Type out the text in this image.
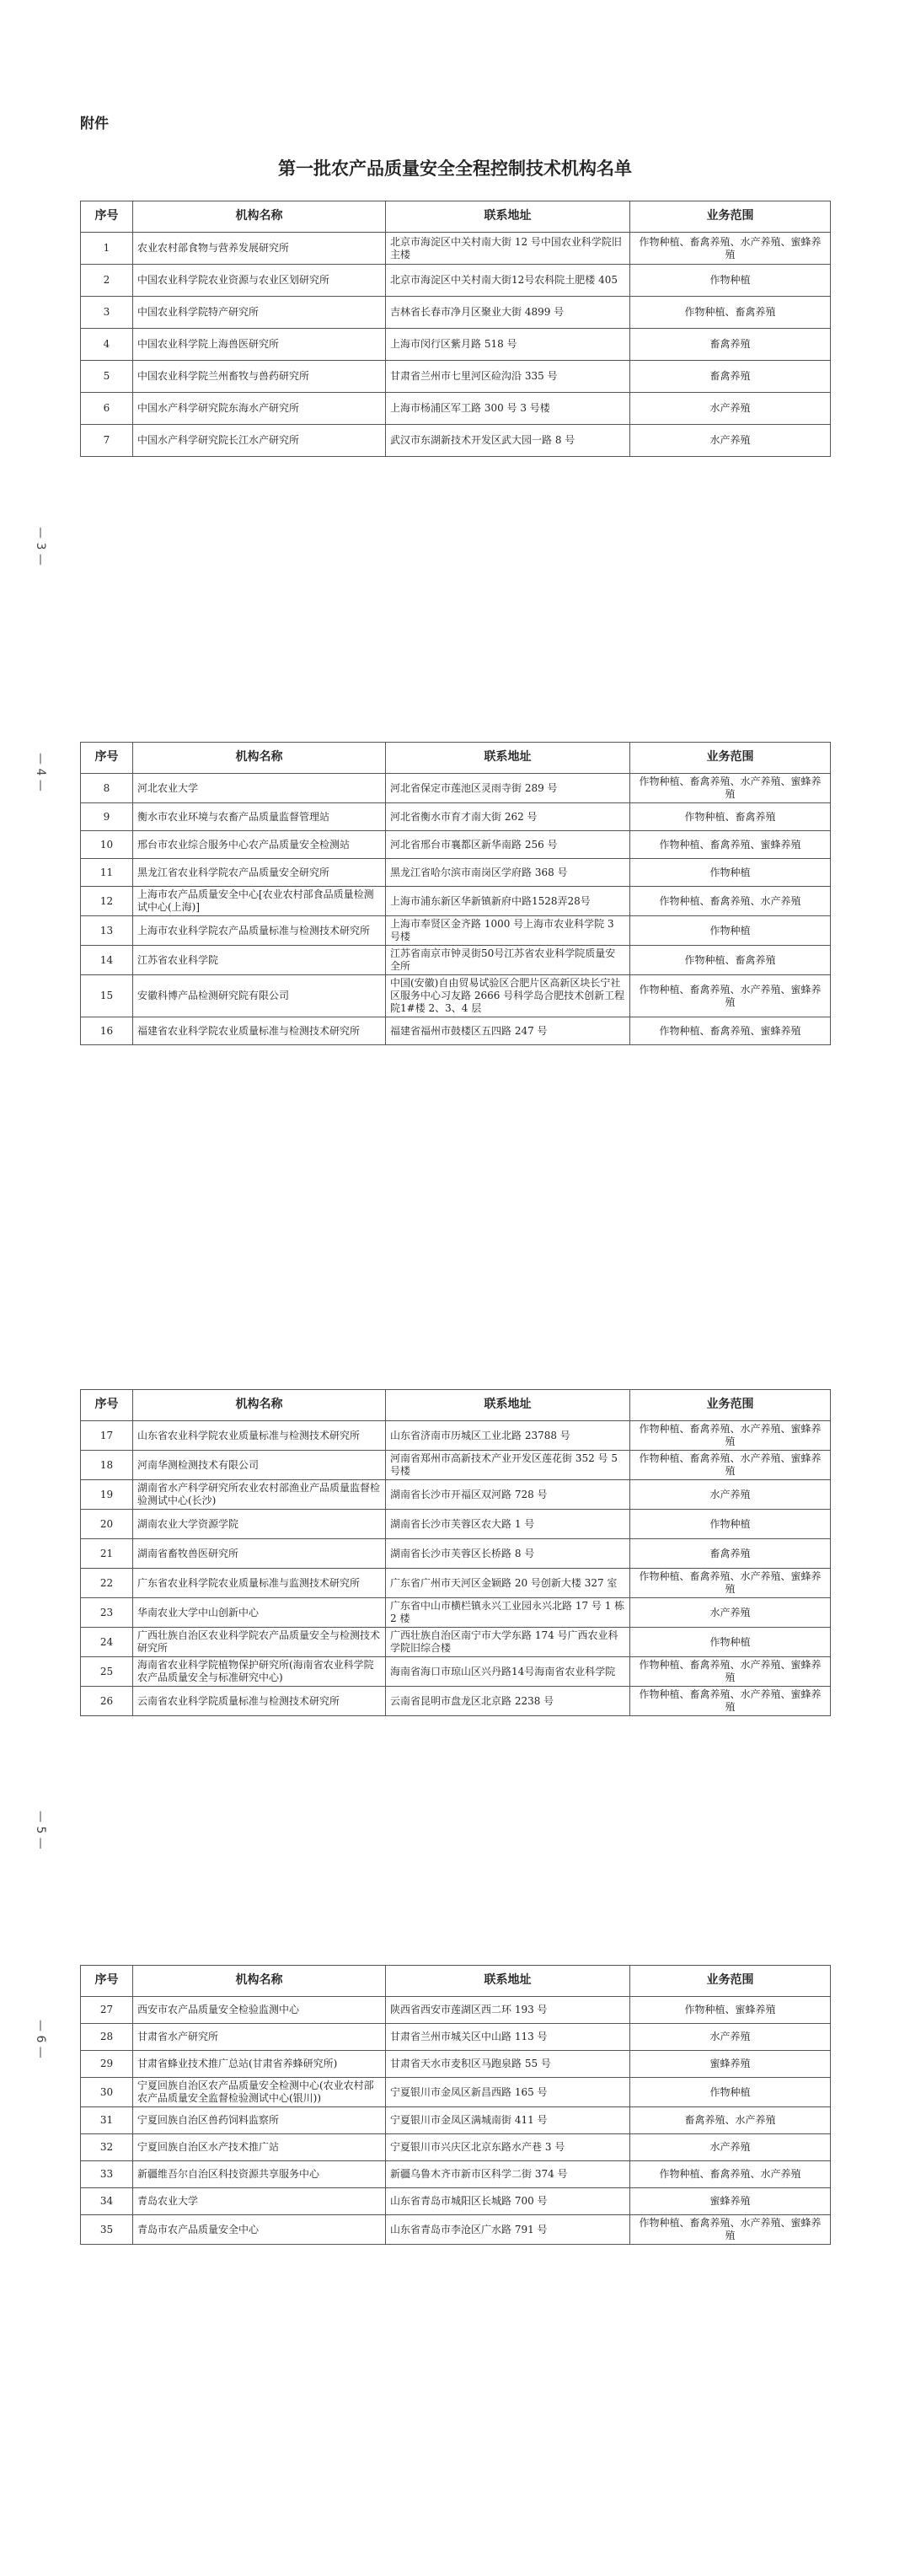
附件
第一批农产品质量安全全程控制技术机构名单
— 3 —
— 4 —
— 5 —
— 6 —
序号	机构名称	联系地址	业务范围
1	农业农村部食物与营养发展研究所	北京市海淀区中关村南大街 12 号中国农业科学院旧主楼	作物种植、畜禽养殖、水产养殖、蜜蜂养殖
2	中国农业科学院农业资源与农业区划研究所	北京市海淀区中关村南大街12号农科院土肥楼 405	作物种植
3	中国农业科学院特产研究所	吉林省长春市净月区聚业大街 4899 号	作物种植、畜禽养殖
4	中国农业科学院上海兽医研究所	上海市闵行区紫月路 518 号	畜禽养殖
5	中国农业科学院兰州畜牧与兽药研究所	甘肃省兰州市七里河区硷沟沿 335 号	畜禽养殖
6	中国水产科学研究院东海水产研究所	上海市杨浦区军工路 300 号 3 号楼	水产养殖
7	中国水产科学研究院长江水产研究所	武汉市东湖新技术开发区武大园一路 8 号	水产养殖
序号	机构名称	联系地址	业务范围
8	河北农业大学	河北省保定市莲池区灵雨寺街 289 号	作物种植、畜禽养殖、水产养殖、蜜蜂养殖
9	衡水市农业环境与农畜产品质量监督管理站	河北省衡水市育才南大街 262 号	作物种植、畜禽养殖
10	邢台市农业综合服务中心农产品质量安全检测站	河北省邢台市襄都区新华南路 256 号	作物种植、畜禽养殖、蜜蜂养殖
11	黑龙江省农业科学院农产品质量安全研究所	黑龙江省哈尔滨市南岗区学府路 368 号	作物种植
12	上海市农产品质量安全中心[农业农村部食品质量检测试中心(上海)]	上海市浦东新区华新镇新府中路1528弄28号	作物种植、畜禽养殖、水产养殖
13	上海市农业科学院农产品质量标准与检测技术研究所	上海市奉贤区金齐路 1000 号上海市农业科学院 3 号楼	作物种植
14	江苏省农业科学院	江苏省南京市钟灵街50号江苏省农业科学院质量安全所	作物种植、畜禽养殖
15	安徽科博产品检测研究院有限公司	中国(安徽)自由贸易试验区合肥片区高新区块长宁社区服务中心习友路 2666 号科学岛合肥技术创新工程院1#楼 2、3、4 层	作物种植、畜禽养殖、水产养殖、蜜蜂养殖
16	福建省农业科学院农业质量标准与检测技术研究所	福建省福州市鼓楼区五四路 247 号	作物种植、畜禽养殖、蜜蜂养殖
序号	机构名称	联系地址	业务范围
17	山东省农业科学院农业质量标准与检测技术研究所	山东省济南市历城区工业北路 23788 号	作物种植、畜禽养殖、水产养殖、蜜蜂养殖
18	河南华测检测技术有限公司	河南省郑州市高新技术产业开发区莲花街 352 号 5 号楼	作物种植、畜禽养殖、水产养殖、蜜蜂养殖
19	湖南省水产科学研究所农业农村部渔业产品质量监督检验测试中心(长沙)	湖南省长沙市开福区双河路 728 号	水产养殖
20	湖南农业大学资源学院	湖南省长沙市芙蓉区农大路 1 号	作物种植
21	湖南省畜牧兽医研究所	湖南省长沙市芙蓉区长桥路 8 号	畜禽养殖
22	广东省农业科学院农业质量标准与监测技术研究所	广东省广州市天河区金颖路 20 号创新大楼 327 室	作物种植、畜禽养殖、水产养殖、蜜蜂养殖
23	华南农业大学中山创新中心	广东省中山市横栏镇永兴工业园永兴北路 17 号 1 栋 2 楼	水产养殖
24	广西壮族自治区农业科学院农产品质量安全与检测技术研究所	广西壮族自治区南宁市大学东路 174 号广西农业科学院旧综合楼	作物种植
25	海南省农业科学院植物保护研究所(海南省农业科学院农产品质量安全与标准研究中心)	海南省海口市琼山区兴丹路14号海南省农业科学院	作物种植、畜禽养殖、水产养殖、蜜蜂养殖
26	云南省农业科学院质量标准与检测技术研究所	云南省昆明市盘龙区北京路 2238 号	作物种植、畜禽养殖、水产养殖、蜜蜂养殖
序号	机构名称	联系地址	业务范围
27	西安市农产品质量安全检验监测中心	陕西省西安市莲湖区西二环 193 号	作物种植、蜜蜂养殖
28	甘肃省水产研究所	甘肃省兰州市城关区中山路 113 号	水产养殖
29	甘肃省蜂业技术推广总站(甘肃省养蜂研究所)	甘肃省天水市麦积区马跑泉路 55 号	蜜蜂养殖
30	宁夏回族自治区农产品质量安全检测中心(农业农村部农产品质量安全监督检验测试中心(银川))	宁夏银川市金凤区新昌西路 165 号	作物种植
31	宁夏回族自治区兽药饲料监察所	宁夏银川市金凤区满城南街 411 号	畜禽养殖、水产养殖
32	宁夏回族自治区水产技术推广站	宁夏银川市兴庆区北京东路水产巷 3 号	水产养殖
33	新疆维吾尔自治区科技资源共享服务中心	新疆乌鲁木齐市新市区科学二街 374 号	作物种植、畜禽养殖、水产养殖
34	青岛农业大学	山东省青岛市城阳区长城路 700 号	蜜蜂养殖
35	青岛市农产品质量安全中心	山东省青岛市李沧区广水路 791 号	作物种植、畜禽养殖、水产养殖、蜜蜂养殖
